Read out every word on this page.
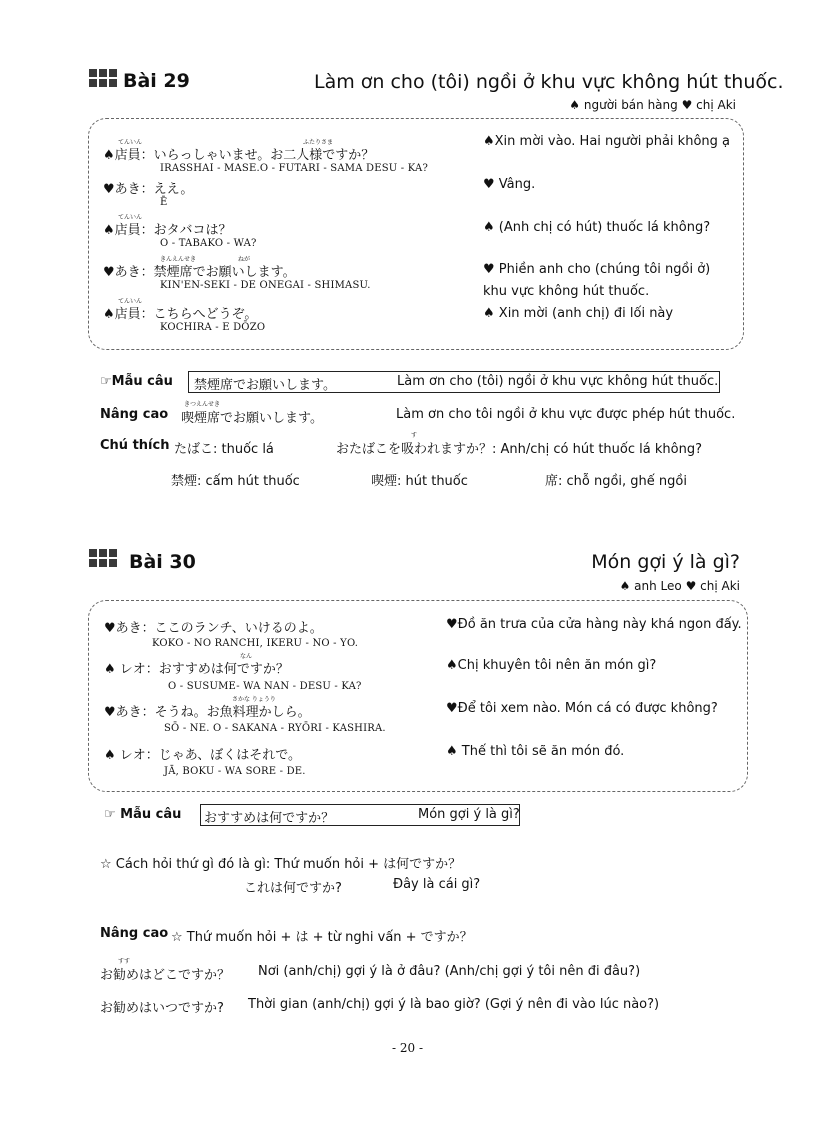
Bài 29	Làm ơn cho (tôi) ngồi ở khu vực không hút thuốc.
♠ người bán hàng ♥ chị Aki
てんいん	ふたりさま
♠店員：いらっしゃいませ。お二人様ですか？
IRASSHAI - MASE.O - FUTARI - SAMA DESU - KA?
♠Xin mời vào. Hai người phải không ạ
♥あき：ええ。
Ē
♥ Vâng.
てんいん
♠店員：おタバコは？
O - TABAKO - WA?
♠ (Anh chị có hút) thuốc lá không?
きんえんせき	ねが
♥あき：禁煙席でお願いします。
KIN'EN-SEKI - DE ONEGAI - SHIMASU.
♥ Phiền anh cho (chúng tôi ngồi ở)
khu vực không hút thuốc.
てんいん
♠店員：こちらへどうぞ。
KOCHIRA - E DŌZO
♠ Xin mời (anh chị) đi lối này
☞Mẫu câu 禁煙席でお願いします。	Làm ơn cho (tôi) ngồi ở khu vực không hút thuốc.
Nâng cao
きつえんせき
喫煙席でお願いします。	Làm ơn cho tôi ngồi ở khu vực được phép hút thuốc.
Chú thích たばこ: thuốc lá
す
おたばこを吸われますか？: Anh/chị có hút thuốc lá không?
禁煙: cấm hút thuốc	喫煙: hút thuốc	席: chỗ ngồi, ghế ngồi
Bài 30	Món gợi ý là gì?
♠ anh Leo ♥ chị Aki
♥あき：ここのランチ、いけるのよ。
KOKO - NO RANCHI, IKERU - NO - YO.
♥Đồ ăn trưa của cửa hàng này khá ngon đấy.
なん
♠ レオ：おすすめは何ですか？
O - SUSUME- WA NAN - DESU - KA?
♠Chị khuyên tôi nên ăn món gì?
さかな りょうり
♥あき：そうね。お魚料理かしら。
SŌ - NE. O - SAKANA - RYŌRI - KASHIRA.
♥Để tôi xem nào. Món cá có được không?
♠ レオ：じゃあ、ぼくはそれで。
JĀ, BOKU - WA SORE - DE.
♠ Thế thì tôi sẽ ăn món đó.
☞ Mẫu câu おすすめは何ですか？	Món gợi ý là gì?
☆ Cách hỏi thứ gì đó là gì: Thứ muốn hỏi + は何ですか？
これは何ですか?	Đây là cái gì?
Nâng cao ☆ Thứ muốn hỏi + は + từ nghi vấn + ですか？
すす
お勧めはどこですか？ Nơi (anh/chị) gợi ý là ở đâu? (Anh/chị gợi ý tôi nên đi đâu?)
お勧めはいつですか? Thời gian (anh/chị) gợi ý là bao giờ? (Gợi ý nên đi vào lúc nào?)
- 20 -
